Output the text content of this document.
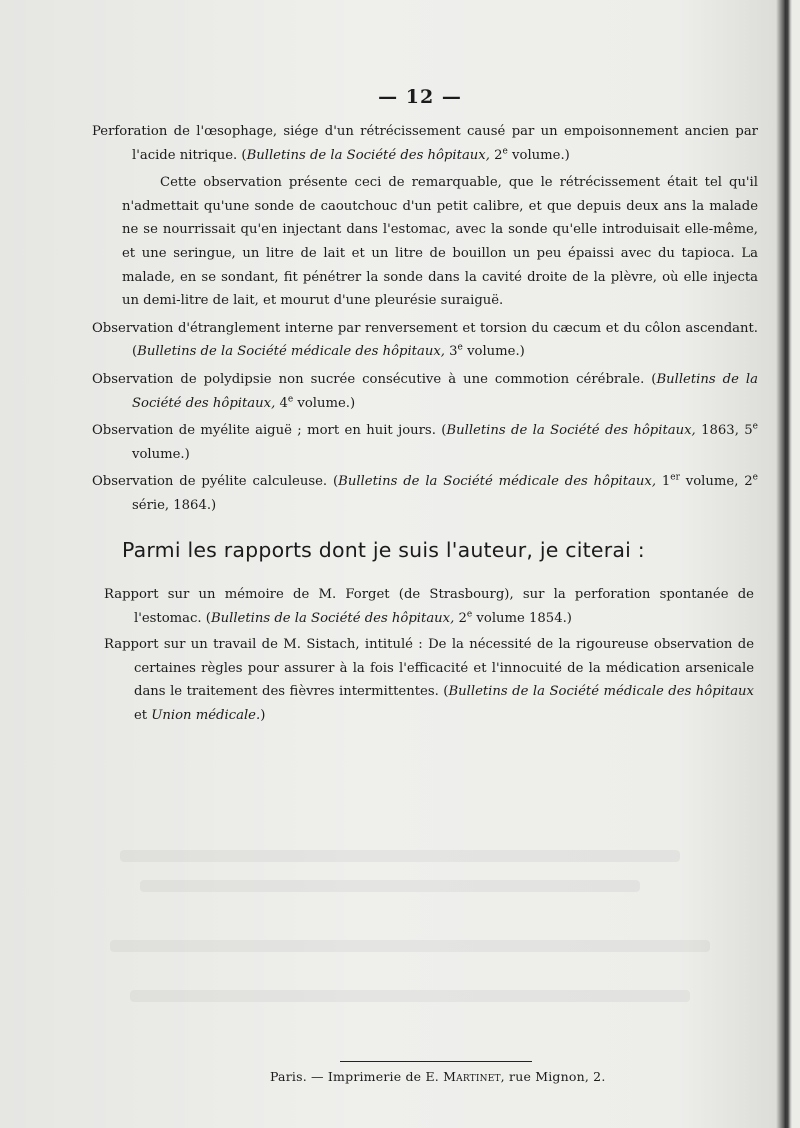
— 12 —

Perforation de l'œsophage, siége d'un rétrécissement causé par un empoisonnement ancien par l'acide nitrique. (Bulletins de la Société des hôpitaux, 2e volume.)

Cette observation présente ceci de remarquable, que le rétrécissement était tel qu'il n'admettait qu'une sonde de caoutchouc d'un petit calibre, et que depuis deux ans la malade ne se nourrissait qu'en injectant dans l'estomac, avec la sonde qu'elle introduisait elle-même, et une seringue, un litre de lait et un litre de bouillon un peu épaissi avec du tapioca. La malade, en se sondant, fit pénétrer la sonde dans la cavité droite de la plèvre, où elle injecta un demi-litre de lait, et mourut d'une pleurésie suraiguë.

Observation d'étranglement interne par renversement et torsion du cæcum et du côlon ascendant. (Bulletins de la Société médicale des hôpitaux, 3e volume.)

Observation de polydipsie non sucrée consécutive à une commotion cérébrale. (Bulletins de la Société des hôpitaux, 4e volume.)

Observation de myélite aiguë ; mort en huit jours. (Bulletins de la Société des hôpitaux, 1863, 5e volume.)

Observation de pyélite calculeuse. (Bulletins de la Société médicale des hôpitaux, 1er volume, 2e série, 1864.)

Parmi les rapports dont je suis l'auteur, je citerai :

Rapport sur un mémoire de M. Forget (de Strasbourg), sur la perforation spontanée de l'estomac. (Bulletins de la Société des hôpitaux, 2e volume 1854.)

Rapport sur un travail de M. Sistach, intitulé : De la nécessité de la rigoureuse observation de certaines règles pour assurer à la fois l'efficacité et l'innocuité de la médication arsenicale dans le traitement des fièvres intermittentes. (Bulletins de la Société médicale des hôpitaux et Union médicale.)

Paris. — Imprimerie de E. Martinet, rue Mignon, 2.
